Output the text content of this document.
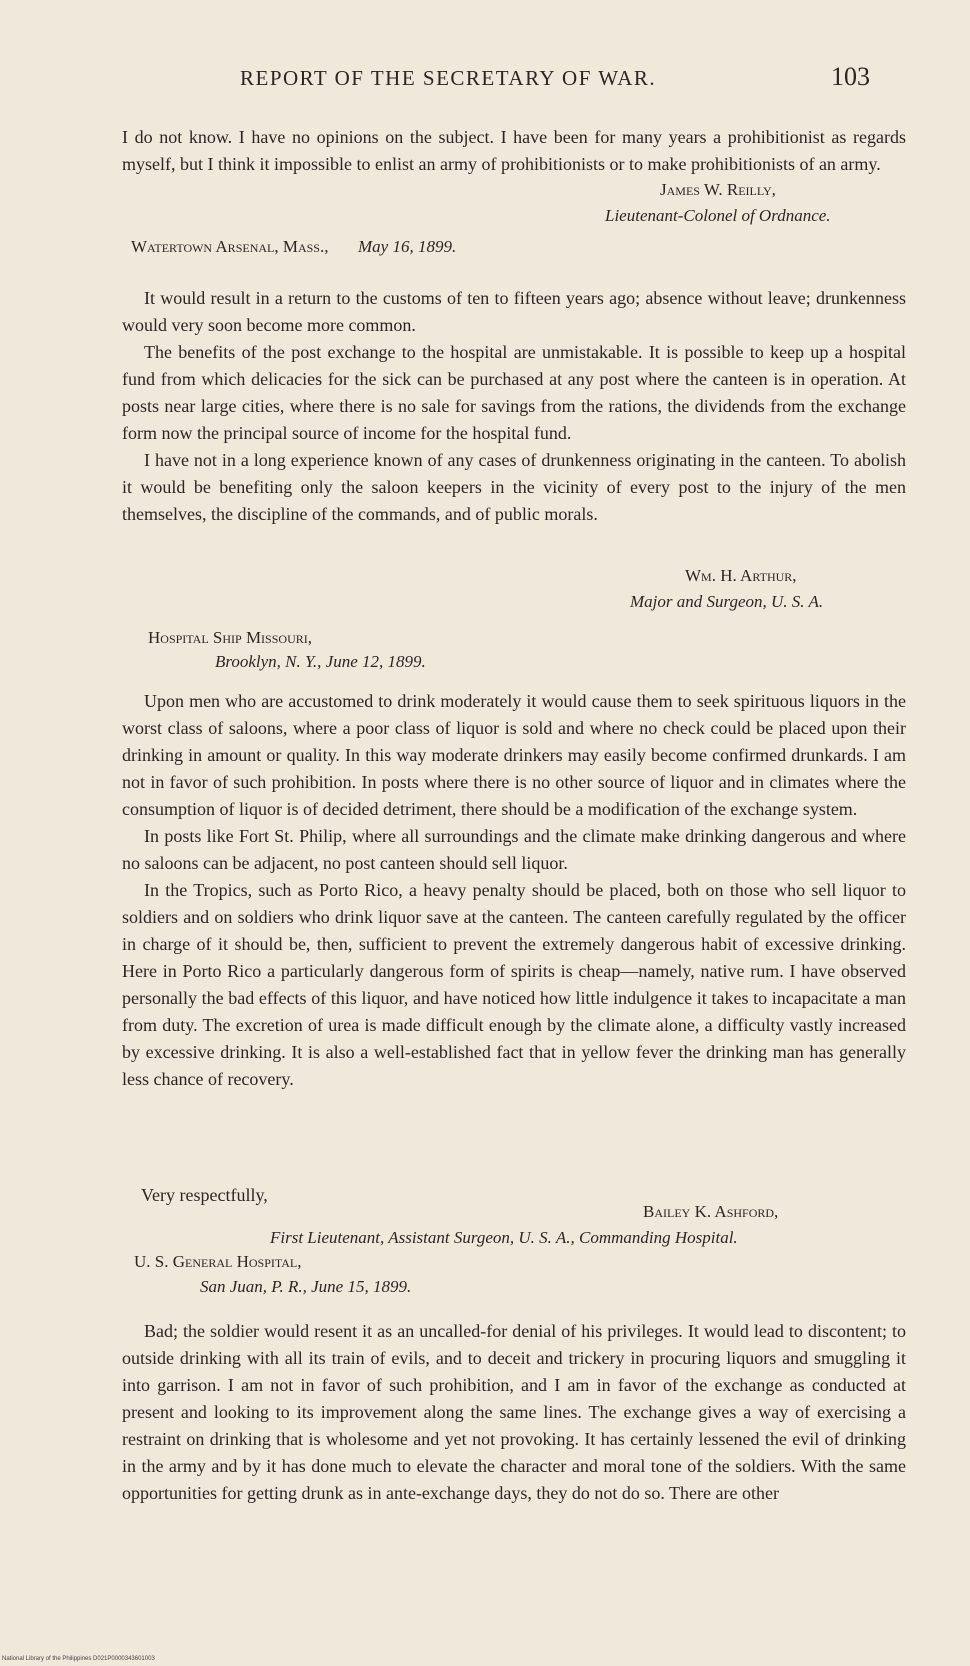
REPORT OF THE SECRETARY OF WAR.	103

I do not know. I have no opinions on the subject. I have been for many years a prohibitionist as regards myself, but I think it impossible to enlist an army of prohibitionists or to make prohibitionists of an army.

James W. Reilly,
Lieutenant-Colonel of Ordnance.
Watertown Arsenal, Mass., May 16, 1899.

It would result in a return to the customs of ten to fifteen years ago; absence without leave; drunkenness would very soon become more common.

The benefits of the post exchange to the hospital are unmistakable. It is possible to keep up a hospital fund from which delicacies for the sick can be purchased at any post where the canteen is in operation. At posts near large cities, where there is no sale for savings from the rations, the dividends from the exchange form now the principal source of income for the hospital fund.

I have not in a long experience known of any cases of drunkenness originating in the canteen. To abolish it would be benefiting only the saloon keepers in the vicinity of every post to the injury of the men themselves, the discipline of the commands, and of public morals.

Wm. H. Arthur,
Major and Surgeon, U. S. A.
Hospital Ship Missouri,
Brooklyn, N. Y., June 12, 1899.

Upon men who are accustomed to drink moderately it would cause them to seek spirituous liquors in the worst class of saloons, where a poor class of liquor is sold and where no check could be placed upon their drinking in amount or quality. In this way moderate drinkers may easily become confirmed drunkards. I am not in favor of such prohibition. In posts where there is no other source of liquor and in climates where the consumption of liquor is of decided detriment, there should be a modification of the exchange system.

In posts like Fort St. Philip, where all surroundings and the climate make drinking dangerous and where no saloons can be adjacent, no post canteen should sell liquor.

In the Tropics, such as Porto Rico, a heavy penalty should be placed, both on those who sell liquor to soldiers and on soldiers who drink liquor save at the canteen. The canteen carefully regulated by the officer in charge of it should be, then, sufficient to prevent the extremely dangerous habit of excessive drinking. Here in Porto Rico a particularly dangerous form of spirits is cheap—namely, native rum. I have observed personally the bad effects of this liquor, and have noticed how little indulgence it takes to incapacitate a man from duty. The excretion of urea is made difficult enough by the climate alone, a difficulty vastly increased by excessive drinking. It is also a well-established fact that in yellow fever the drinking man has generally less chance of recovery.

Very respectfully,
Bailey K. Ashford,
First Lieutenant, Assistant Surgeon, U. S. A., Commanding Hospital.
U. S. General Hospital,
San Juan, P. R., June 15, 1899.

Bad; the soldier would resent it as an uncalled-for denial of his privileges. It would lead to discontent; to outside drinking with all its train of evils, and to deceit and trickery in procuring liquors and smuggling it into garrison. I am not in favor of such prohibition, and I am in favor of the exchange as conducted at present and looking to its improvement along the same lines. The exchange gives a way of exercising a restraint on drinking that is wholesome and yet not provoking. It has certainly lessened the evil of drinking in the army and by it has done much to elevate the character and moral tone of the soldiers. With the same opportunities for getting drunk as in ante-exchange days, they do not do so. There are other

National Library of the Philippines D021P0000343601003
